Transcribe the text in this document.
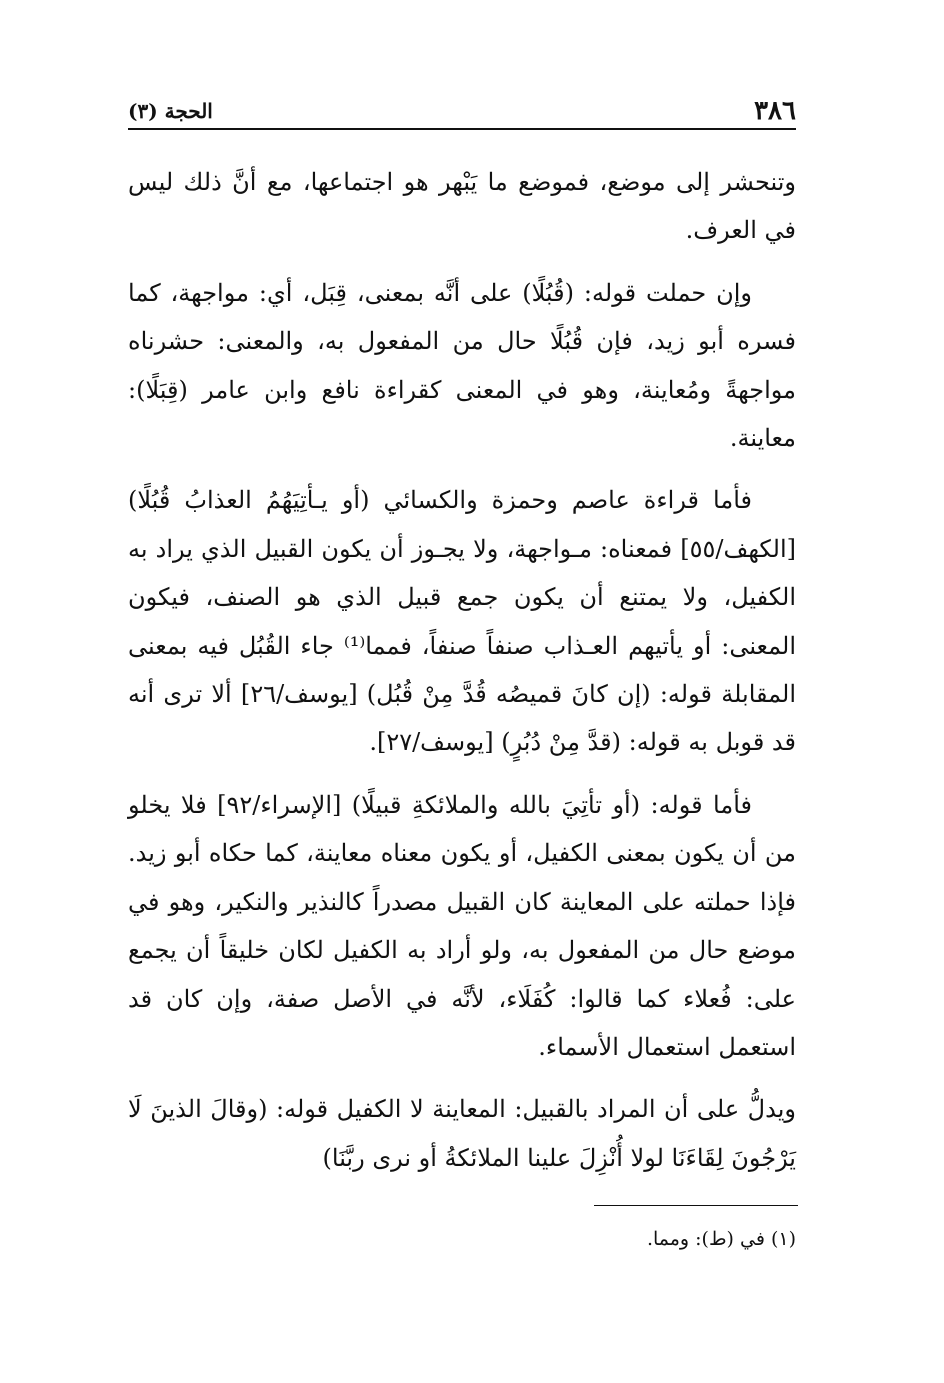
٣٨٦
الحجة (٣)

وتنحشر إلى موضع، فموضع ما يَبْهر هو اجتماعها، مع أنَّ ذلك ليس في العرف.

وإن حملت قوله: (قُبُلًا) على أنَّه بمعنى، قِبَل، أي: مواجهة، كما فسره أبو زيد، فإن قُبُلًا حال من المفعول به، والمعنى: حشرناه مواجهةً ومُعاينة، وهو في المعنى كقراءة نافع وابن عامر (قِبَلًا): معاينة.

فأما قراءة عاصم وحمزة والكسائي (أو يـأتِيَهُمُ العذابُ قُبُلًا) [الكهف/٥٥] فمعناه: مـواجهة، ولا يجـوز أن يكون القبيل الذي يراد به الكفيل، ولا يمتنع أن يكون جمع قبيل الذي هو الصنف، فيكون المعنى: أو يأتيهم العـذاب صنفاً صنفاً، فمما⁽¹⁾ جاء القُبُل فيه بمعنى المقابلة قوله: (إن كانَ قميصُه قُدَّ مِنْ قُبُل) [يوسف/٢٦] ألا ترى أنه قد قوبل به قوله: (قدَّ مِنْ دُبُرٍ) [يوسف/٢٧].

فأما قوله: (أو تأتِيَ بالله والملائكةِ قبيلًا) [الإسراء/٩٢] فلا يخلو من أن يكون بمعنى الكفيل، أو يكون معناه معاينة، كما حكاه أبو زيد. فإذا حملته على المعاينة كان القبيل مصدراً كالنذير والنكير، وهو في موضع حال من المفعول به، ولو أراد به الكفيل لكان خليقاً أن يجمع على: فُعلاء كما قالوا: كُفَلَاء، لأنَّه في الأصل صفة، وإن كان قد استعمل استعمال الأسماء.

ويدلُّ على أن المراد بالقبيل: المعاينة لا الكفيل قوله: (وقالَ الذينَ لَا يَرْجُونَ لِقَاءَنَا لولا أُنْزِلَ علينا الملائكةُ أو نرى ربَّنَا)

(١) في (ط): ومما.
